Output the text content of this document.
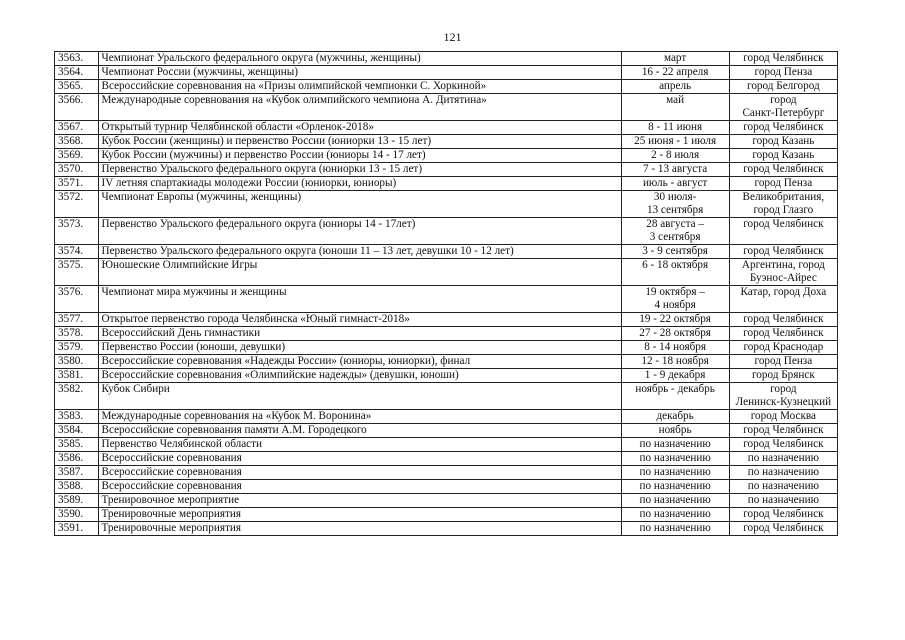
121
3563.	Чемпионат Уральского федерального округа (мужчины, женщины)	март	город Челябинск

3564.	Чемпионат России (мужчины, женщины)	16 - 22 апреля	город Пенза

3565.	Всероссийские соревнования на «Призы олимпийской чемпионки С. Хоркиной»	апрель	город Белгород

3566.	Международные соревнования на «Кубок олимпийского чемпиона А. Дитятина»	май	город
Санкт-Петербург

3567.	Открытый турнир Челябинской области «Орленок-2018»	8 - 11 июня	город Челябинск

3568.	Кубок России (женщины) и первенство России (юниорки 13 - 15 лет)	25 июня - 1 июля	город Казань

3569.	Кубок России (мужчины) и первенство России (юниоры 14 - 17 лет)	2 - 8 июля	город Казань

3570.	Первенство Уральского федерального округа (юниорки 13 - 15 лет)	7 - 13 августа	город Челябинск

3571.	IV летняя спартакиады молодежи России (юниорки, юниоры)	июль - август	город Пенза

3572.	Чемпионат Европы (мужчины, женщины)	30 июля-
13 сентября	Великобритания,
город Глазго

3573.	Первенство Уральского федерального округа (юниоры 14 - 17лет)	28 августа –
3 сентября	город Челябинск

3574.	Первенство Уральского федерального округа (юноши 11 – 13 лет, девушки 10 - 12 лет)	3 - 9 сентября	город Челябинск

3575.	Юношеские Олимпийские Игры	6 - 18 октября	Аргентина, город
Буэнос-Айрес

3576.	Чемпионат мира мужчины и женщины	19 октября –
4 ноября	Катар, город Доха

3577.	Открытое первенство города Челябинска «Юный гимнаст-2018»	19 - 22 октября	город Челябинск

3578.	Всероссийский День гимнастики	27 - 28 октября	город Челябинск

3579.	Первенство России (юноши, девушки)	8 - 14 ноября	город Краснодар

3580.	Всероссийские соревнования «Надежды России» (юниоры, юниорки), финал	12 - 18 ноября	город Пенза

3581.	Всероссийские соревнования «Олимпийские надежды» (девушки, юноши)	1 - 9 декабря	город Брянск

3582.	Кубок Сибири	ноябрь - декабрь	город
Ленинск-Кузнецкий

3583.	Международные соревнования на «Кубок М. Воронина»	декабрь	город Москва

3584.	Всероссийские соревнования памяти А.М. Городецкого	ноябрь	город Челябинск

3585.	Первенство Челябинской области	по назначению	город Челябинск

3586.	Всероссийские соревнования	по назначению	по назначению

3587.	Всероссийские соревнования	по назначению	по назначению

3588.	Всероссийские соревнования	по назначению	по назначению

3589.	Тренировочное мероприятие	по назначению	по назначению

3590.	Тренировочные мероприятия	по назначению	город Челябинск

3591.	Тренировочные мероприятия	по назначению	город Челябинск
